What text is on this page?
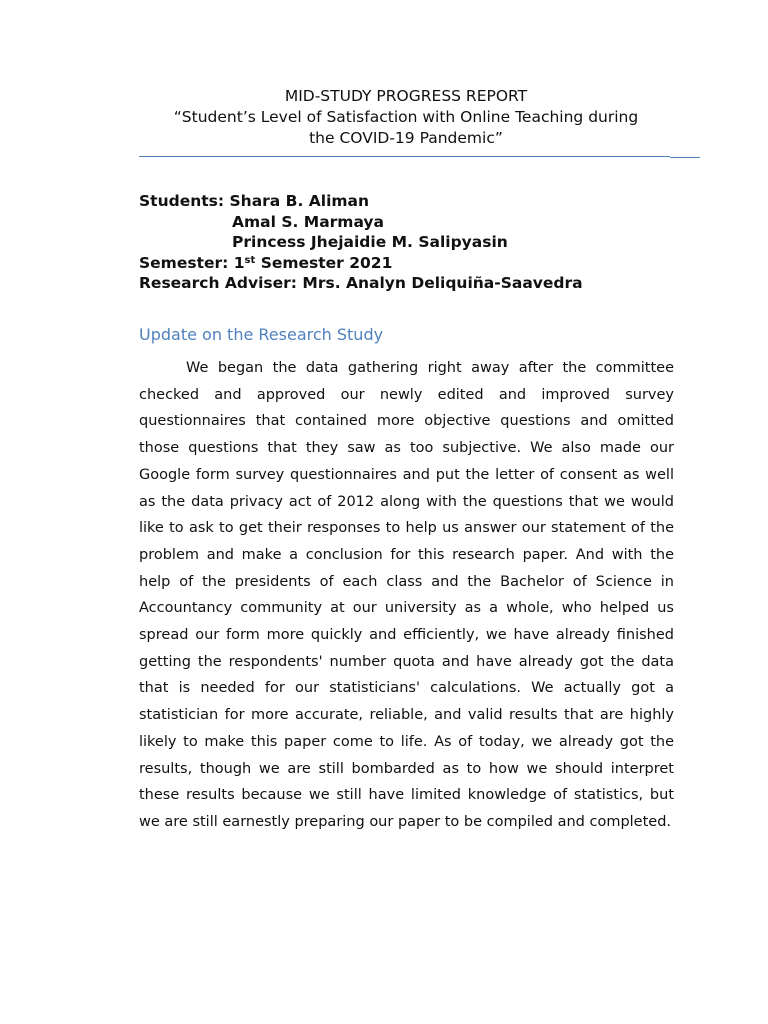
MID-STUDY PROGRESS REPORT
“Student’s Level of Satisfaction with Online Teaching during
the COVID-19 Pandemic”
Students: Shara B. Aliman
Amal S. Marmaya
Princess Jhejaidie M. Salipyasin
Semester: 1st Semester 2021
Research Adviser: Mrs. Analyn Deliquiña-Saavedra
Update on the Research Study

We began the data gathering right away after the committee checked and approved our newly edited and improved survey questionnaires that contained more objective questions and omitted those questions that they saw as too subjective. We also made our Google form survey questionnaires and put the letter of consent as well as the data privacy act of 2012 along with the questions that we would like to ask to get their responses to help us answer our statement of the problem and make a conclusion for this research paper. And with the help of the presidents of each class and the Bachelor of Science in Accountancy community at our university as a whole, who helped us spread our form more quickly and efficiently, we have already finished getting the respondents' number quota and have already got the data that is needed for our statisticians' calculations. We actually got a statistician for more accurate, reliable, and valid results that are highly likely to make this paper come to life. As of today, we already got the results, though we are still bombarded as to how we should interpret these results because we still have limited knowledge of statistics, but we are still earnestly preparing our paper to be compiled and completed.
